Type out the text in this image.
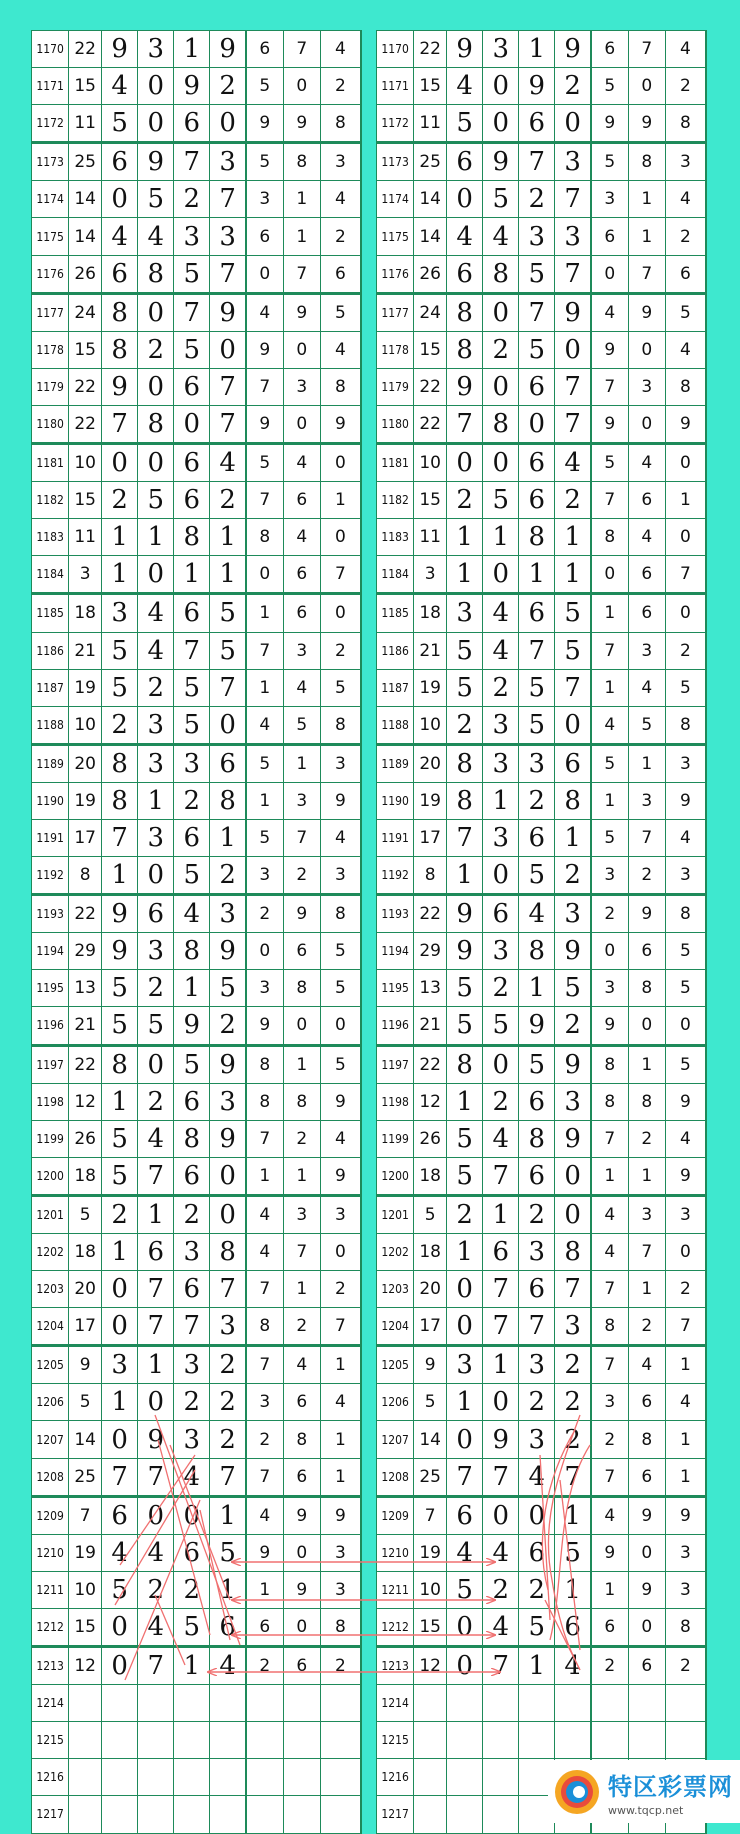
1170	22	9	3	1	9	6	7	4
1171	15	4	0	9	2	5	0	2
1172	11	5	0	6	0	9	9	8
1173	25	6	9	7	3	5	8	3
1174	14	0	5	2	7	3	1	4
1175	14	4	4	3	3	6	1	2
1176	26	6	8	5	7	0	7	6
1177	24	8	0	7	9	4	9	5
1178	15	8	2	5	0	9	0	4
1179	22	9	0	6	7	7	3	8
1180	22	7	8	0	7	9	0	9
1181	10	0	0	6	4	5	4	0
1182	15	2	5	6	2	7	6	1
1183	11	1	1	8	1	8	4	0
1184	3	1	0	1	1	0	6	7
1185	18	3	4	6	5	1	6	0
1186	21	5	4	7	5	7	3	2
1187	19	5	2	5	7	1	4	5
1188	10	2	3	5	0	4	5	8
1189	20	8	3	3	6	5	1	3
1190	19	8	1	2	8	1	3	9
1191	17	7	3	6	1	5	7	4
1192	8	1	0	5	2	3	2	3
1193	22	9	6	4	3	2	9	8
1194	29	9	3	8	9	0	6	5
1195	13	5	2	1	5	3	8	5
1196	21	5	5	9	2	9	0	0
1197	22	8	0	5	9	8	1	5
1198	12	1	2	6	3	8	8	9
1199	26	5	4	8	9	7	2	4
1200	18	5	7	6	0	1	1	9
1201	5	2	1	2	0	4	3	3
1202	18	1	6	3	8	4	7	0
1203	20	0	7	6	7	7	1	2
1204	17	0	7	7	3	8	2	7
1205	9	3	1	3	2	7	4	1
1206	5	1	0	2	2	3	6	4
1207	14	0	9	3	2	2	8	1
1208	25	7	7	4	7	7	6	1
1209	7	6	0	0	1	4	9	9
1210	19	4	4	6	5	9	0	3
1211	10	5	2	2	1	1	9	3
1212	15	0	4	5	6	6	0	8
1213	12	0	7	1	4	2	6	2
1214								
1215								
1216								
1217								
1170	22	9	3	1	9	6	7	4
1171	15	4	0	9	2	5	0	2
1172	11	5	0	6	0	9	9	8
1173	25	6	9	7	3	5	8	3
1174	14	0	5	2	7	3	1	4
1175	14	4	4	3	3	6	1	2
1176	26	6	8	5	7	0	7	6
1177	24	8	0	7	9	4	9	5
1178	15	8	2	5	0	9	0	4
1179	22	9	0	6	7	7	3	8
1180	22	7	8	0	7	9	0	9
1181	10	0	0	6	4	5	4	0
1182	15	2	5	6	2	7	6	1
1183	11	1	1	8	1	8	4	0
1184	3	1	0	1	1	0	6	7
1185	18	3	4	6	5	1	6	0
1186	21	5	4	7	5	7	3	2
1187	19	5	2	5	7	1	4	5
1188	10	2	3	5	0	4	5	8
1189	20	8	3	3	6	5	1	3
1190	19	8	1	2	8	1	3	9
1191	17	7	3	6	1	5	7	4
1192	8	1	0	5	2	3	2	3
1193	22	9	6	4	3	2	9	8
1194	29	9	3	8	9	0	6	5
1195	13	5	2	1	5	3	8	5
1196	21	5	5	9	2	9	0	0
1197	22	8	0	5	9	8	1	5
1198	12	1	2	6	3	8	8	9
1199	26	5	4	8	9	7	2	4
1200	18	5	7	6	0	1	1	9
1201	5	2	1	2	0	4	3	3
1202	18	1	6	3	8	4	7	0
1203	20	0	7	6	7	7	1	2
1204	17	0	7	7	3	8	2	7
1205	9	3	1	3	2	7	4	1
1206	5	1	0	2	2	3	6	4
1207	14	0	9	3	2	2	8	1
1208	25	7	7	4	7	7	6	1
1209	7	6	0	0	1	4	9	9
1210	19	4	4	6	5	9	0	3
1211	10	5	2	2	1	1	9	3
1212	15	0	4	5	6	6	0	8
1213	12	0	7	1	4	2	6	2
1214								
1215								
1216								
1217								
特区彩票网
www.tqcp.net
